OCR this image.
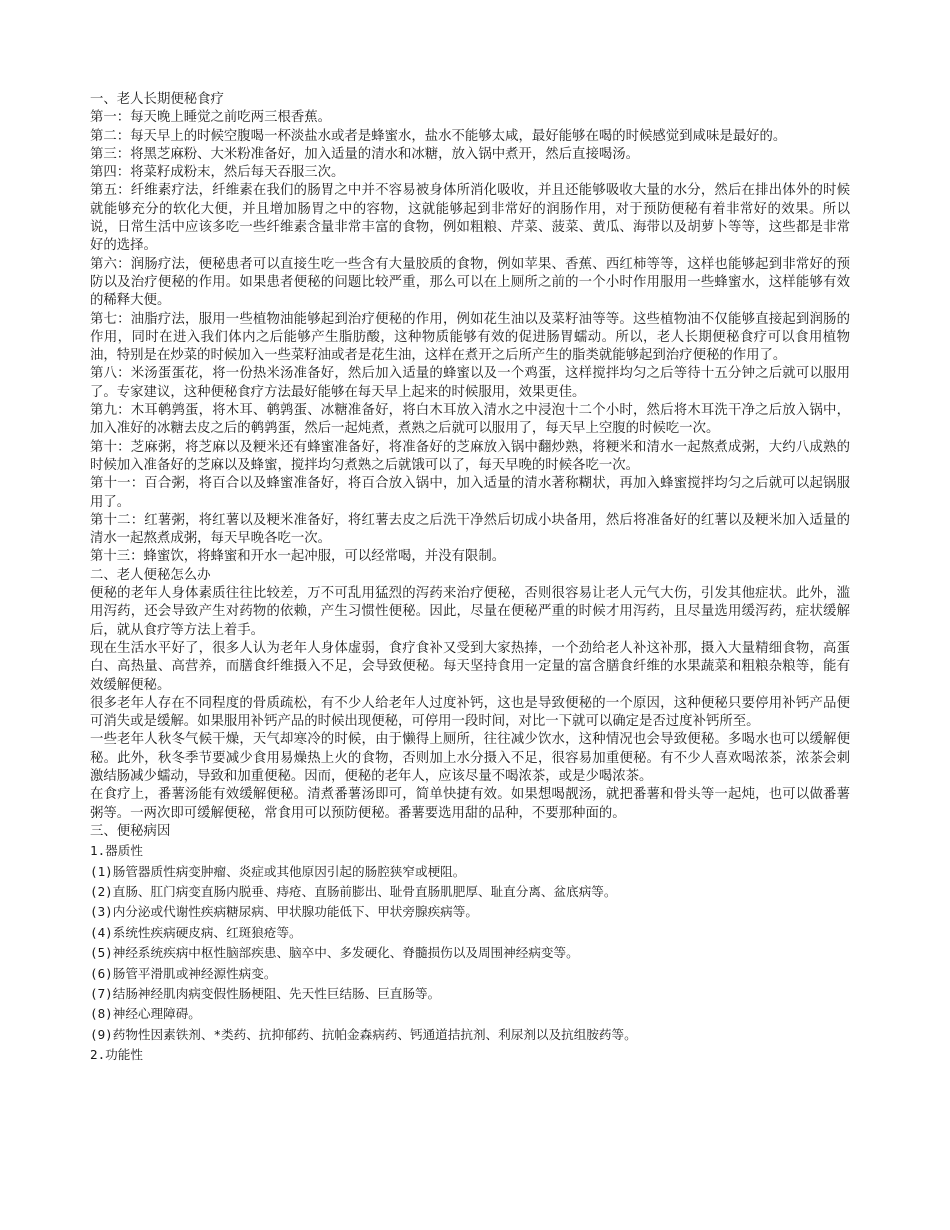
一、老人长期便秘食疗

第一：每天晚上睡觉之前吃两三根香蕉。

第二：每天早上的时候空腹喝一杯淡盐水或者是蜂蜜水，盐水不能够太咸，最好能够在喝的时候感觉到咸味是最好的。

第三：将黑芝麻粉、大米粉准备好，加入适量的清水和冰糖，放入锅中煮开，然后直接喝汤。

第四：将菜籽成粉末，然后每天吞服三次。

第五：纤维素疗法，纤维素在我们的肠胃之中并不容易被身体所消化吸收，并且还能够吸收大量的水分，然后在排出体外的时候就能够充分的软化大便，并且增加肠胃之中的容物，这就能够起到非常好的润肠作用，对于预防便秘有着非常好的效果。所以说，日常生活中应该多吃一些纤维素含量非常丰富的食物，例如粗粮、芹菜、菠菜、黄瓜、海带以及胡萝卜等等，这些都是非常好的选择。

第六：润肠疗法，便秘患者可以直接生吃一些含有大量胶质的食物，例如苹果、香蕉、西红柿等等，这样也能够起到非常好的预防以及治疗便秘的作用。如果患者便秘的问题比较严重，那么可以在上厕所之前的一个小时作用服用一些蜂蜜水，这样能够有效的稀释大便。

第七：油脂疗法，服用一些植物油能够起到治疗便秘的作用，例如花生油以及菜籽油等等。这些植物油不仅能够直接起到润肠的作用，同时在进入我们体内之后能够产生脂肪酸，这种物质能够有效的促进肠胃蠕动。所以，老人长期便秘食疗可以食用植物油，特别是在炒菜的时候加入一些菜籽油或者是花生油，这样在煮开之后所产生的脂类就能够起到治疗便秘的作用了。

第八：米汤蛋蛋花，将一份热米汤准备好，然后加入适量的蜂蜜以及一个鸡蛋，这样搅拌均匀之后等待十五分钟之后就可以服用了。专家建议，这种便秘食疗方法最好能够在每天早上起来的时候服用，效果更佳。

第九：木耳鹌鹑蛋，将木耳、鹌鹑蛋、冰糖准备好，将白木耳放入清水之中浸泡十二个小时，然后将木耳洗干净之后放入锅中，加入准好的冰糖去皮之后的鹌鹑蛋，然后一起炖煮，煮熟之后就可以服用了，每天早上空腹的时候吃一次。

第十：芝麻粥，将芝麻以及粳米还有蜂蜜准备好，将准备好的芝麻放入锅中翻炒熟，将粳米和清水一起熬煮成粥，大约八成熟的时候加入准备好的芝麻以及蜂蜜，搅拌均匀煮熟之后就饿可以了，每天早晚的时候各吃一次。

第十一：百合粥，将百合以及蜂蜜准备好，将百合放入锅中，加入适量的清水著称糊状，再加入蜂蜜搅拌均匀之后就可以起锅服用了。

第十二：红薯粥，将红薯以及粳米准备好，将红薯去皮之后洗干净然后切成小块备用，然后将准备好的红薯以及粳米加入适量的清水一起熬煮成粥，每天早晚各吃一次。

第十三：蜂蜜饮，将蜂蜜和开水一起冲服，可以经常喝，并没有限制。

二、老人便秘怎么办

便秘的老年人身体素质往往比较差，万不可乱用猛烈的泻药来治疗便秘，否则很容易让老人元气大伤，引发其他症状。此外，滥用泻药，还会导致产生对药物的依赖，产生习惯性便秘。因此，尽量在便秘严重的时候才用泻药，且尽量选用缓泻药，症状缓解后，就从食疗等方法上着手。

现在生活水平好了，很多人认为老年人身体虚弱，食疗食补又受到大家热捧，一个劲给老人补这补那，摄入大量精细食物，高蛋白、高热量、高营养，而膳食纤维摄入不足，会导致便秘。每天坚持食用一定量的富含膳食纤维的水果蔬菜和粗粮杂粮等，能有效缓解便秘。

很多老年人存在不同程度的骨质疏松，有不少人给老年人过度补钙，这也是导致便秘的一个原因，这种便秘只要停用补钙产品便可消失或是缓解。如果服用补钙产品的时候出现便秘，可停用一段时间，对比一下就可以确定是否过度补钙所至。

一些老年人秋冬气候干燥，天气却寒冷的时候，由于懒得上厕所，往往减少饮水，这种情况也会导致便秘。多喝水也可以缓解便秘。此外，秋冬季节要减少食用易燥热上火的食物，否则加上水分摄入不足，很容易加重便秘。有不少人喜欢喝浓茶，浓茶会刺激结肠减少蠕动，导致和加重便秘。因而，便秘的老年人，应该尽量不喝浓茶，或是少喝浓茶。

在食疗上，番薯汤能有效缓解便秘。清煮番薯汤即可，简单快捷有效。如果想喝靓汤，就把番薯和骨头等一起炖，也可以做番薯粥等。一两次即可缓解便秘，常食用可以预防便秘。番薯要选用甜的品种，不要那种面的。

三、便秘病因

1.器质性

(1)肠管器质性病变肿瘤、炎症或其他原因引起的肠腔狭窄或梗阻。

(2)直肠、肛门病变直肠内脱垂、痔疮、直肠前膨出、耻骨直肠肌肥厚、耻直分离、盆底病等。

(3)内分泌或代谢性疾病糖尿病、甲状腺功能低下、甲状旁腺疾病等。

(4)系统性疾病硬皮病、红斑狼疮等。

(5)神经系统疾病中枢性脑部疾患、脑卒中、多发硬化、脊髓损伤以及周围神经病变等。

(6)肠管平滑肌或神经源性病变。

(7)结肠神经肌肉病变假性肠梗阻、先天性巨结肠、巨直肠等。

(8)神经心理障碍。

(9)药物性因素铁剂、*类药、抗抑郁药、抗帕金森病药、钙通道拮抗剂、利尿剂以及抗组胺药等。

2.功能性
